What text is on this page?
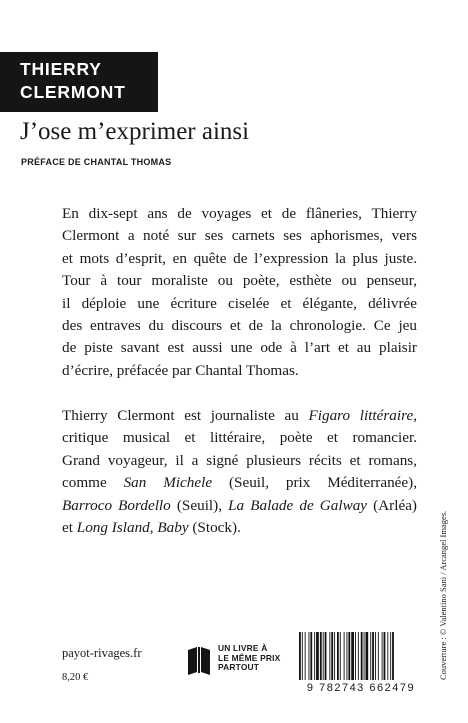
THIERRY
CLERMONT
J’ose m’exprimer ainsi
PRÉFACE DE CHANTAL THOMAS
En dix-sept ans de voyages et de flâneries, Thierry
Clermont a noté sur ses carnets ses aphorismes, vers
et mots d’esprit, en quête de l’expression la plus juste.
Tour à tour moraliste ou poète, esthète ou penseur,
il déploie une écriture ciselée et élégante, délivrée
des entraves du discours et de la chronologie. Ce jeu
de piste savant est aussi une ode à l’art et au plaisir
d’écrire, préfacée par Chantal Thomas.
Thierry Clermont est journaliste au Figaro littéraire,
critique musical et littéraire, poète et romancier.
Grand voyageur, il a signé plusieurs récits et romans,
comme San Michele (Seuil, prix Méditerranée),
Barroco Bordello (Seuil), La Balade de Galway (Arléa)
et Long Island, Baby (Stock).	Couverture : © Valentino Sani / Arcangel Images.
payot-rivages.fr
8,20 €
UN LIVRE À
LE MÊME PRIX
PARTOUT
9 782743 662479
